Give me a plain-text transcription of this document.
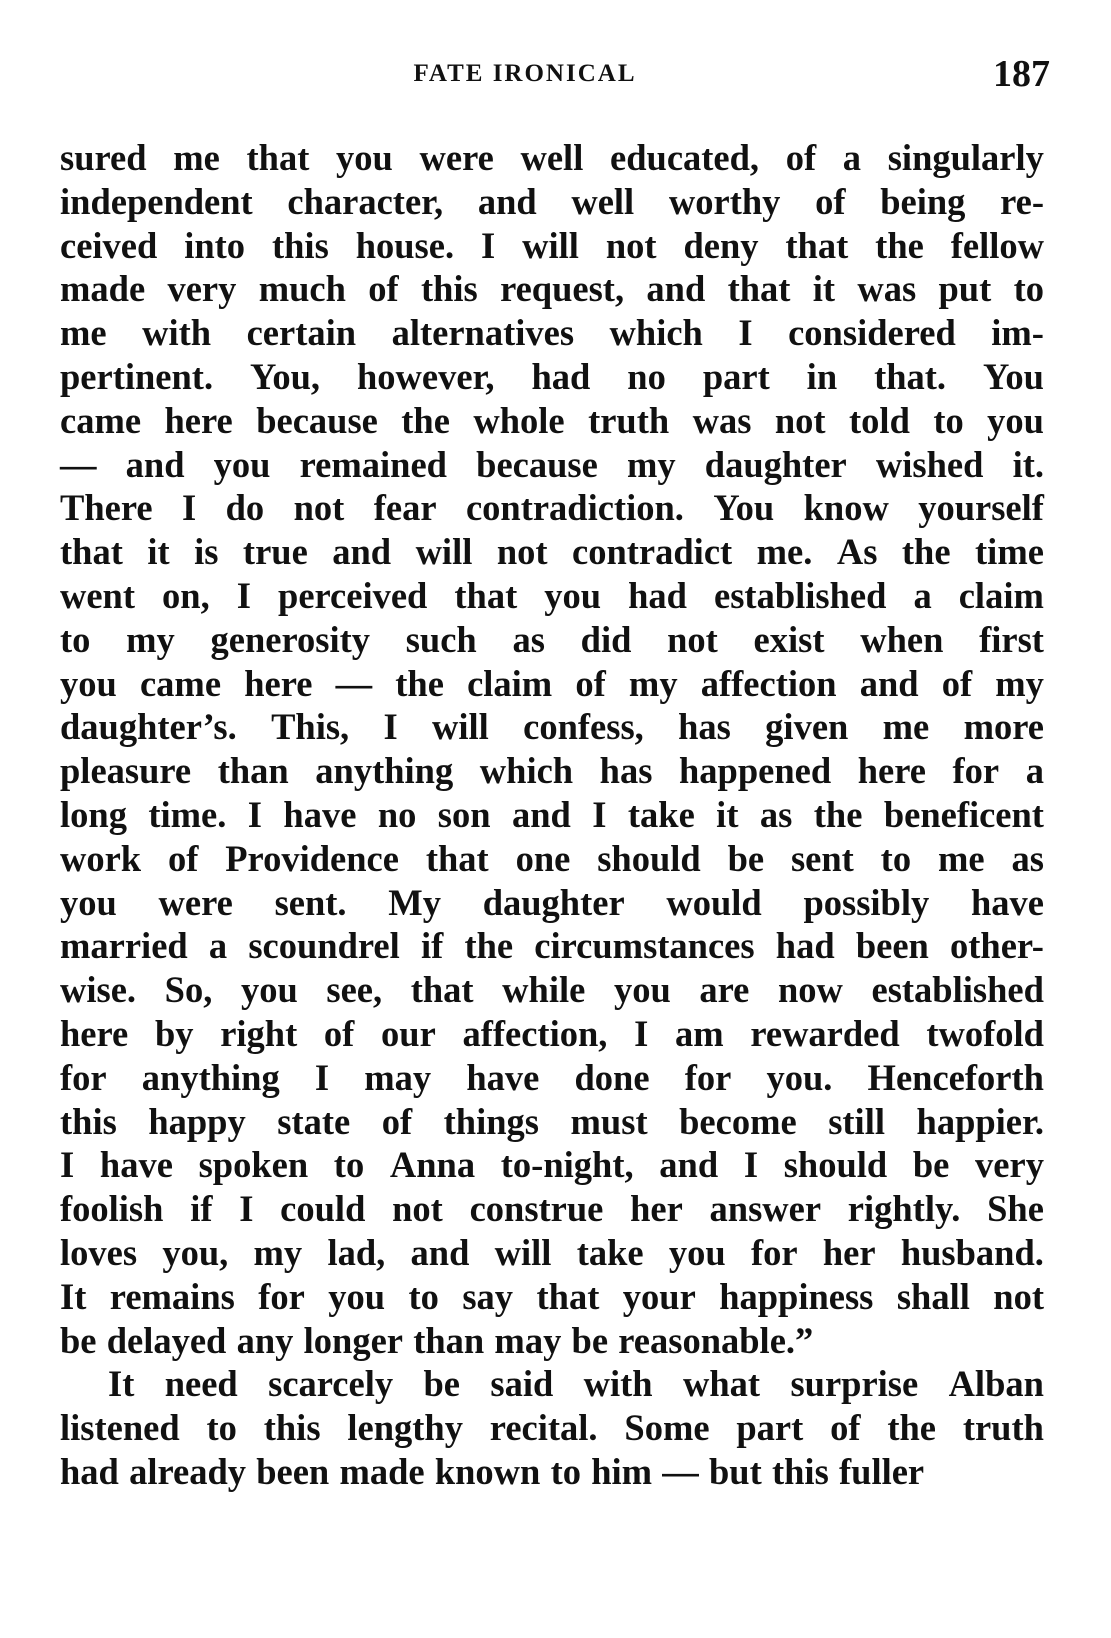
FATE IRONICAL	187
sured me that you were well educated, of a singularly
independent character, and well worthy of being re-
ceived into this house. I will not deny that the fellow
made very much of this request, and that it was put to
me with certain alternatives which I considered im-
pertinent. You, however, had no part in that. You
came here because the whole truth was not told to you
— and you remained because my daughter wished it.
There I do not fear contradiction. You know yourself
that it is true and will not contradict me. As the time
went on, I perceived that you had established a claim
to my generosity such as did not exist when first
you came here — the claim of my affection and of my
daughter’s. This, I will confess, has given me more
pleasure than anything which has happened here for a
long time. I have no son and I take it as the beneficent
work of Providence that one should be sent to me as
you were sent. My daughter would possibly have
married a scoundrel if the circumstances had been other-
wise. So, you see, that while you are now established
here by right of our affection, I am rewarded twofold
for anything I may have done for you. Henceforth
this happy state of things must become still happier.
I have spoken to Anna to-night, and I should be very
foolish if I could not construe her answer rightly. She
loves you, my lad, and will take you for her husband.
It remains for you to say that your happiness shall not
be delayed any longer than may be reasonable.”
It need scarcely be said with what surprise Alban
listened to this lengthy recital. Some part of the truth
had already been made known to him — but this fuller
